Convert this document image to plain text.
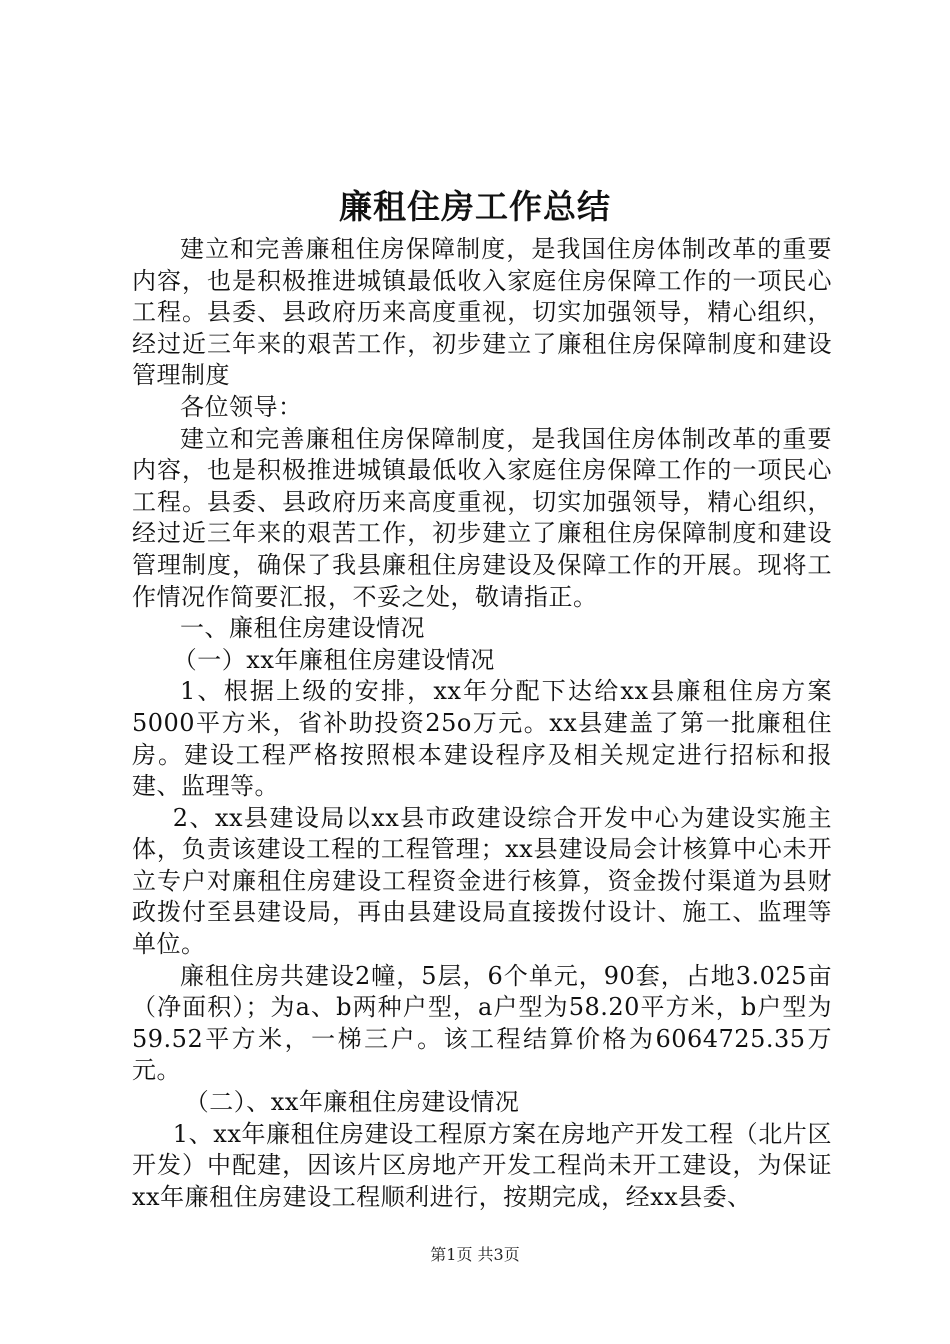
廉租住房工作总结

建立和完善廉租住房保障制度，是我国住房体制改革的重要内容，也是积极推进城镇最低收入家庭住房保障工作的一项民心工程。县委、县政府历来高度重视，切实加强领导，精心组织，经过近三年来的艰苦工作，初步建立了廉租住房保障制度和建设管理制度

各位领导：

建立和完善廉租住房保障制度，是我国住房体制改革的重要内容，也是积极推进城镇最低收入家庭住房保障工作的一项民心工程。县委、县政府历来高度重视，切实加强领导，精心组织，经过近三年来的艰苦工作，初步建立了廉租住房保障制度和建设管理制度，确保了我县廉租住房建设及保障工作的开展。现将工作情况作简要汇报，不妥之处，敬请指正。

一、廉租住房建设情况

（一）xx年廉租住房建设情况

1、根据上级的安排，xx年分配下达给xx县廉租住房方案5000平方米，省补助投资25o万元。xx县建盖了第一批廉租住房。建设工程严格按照根本建设程序及相关规定进行招标和报建、监理等。

2、xx县建设局以xx县市政建设综合开发中心为建设实施主体，负责该建设工程的工程管理；xx县建设局会计核算中心未开立专户对廉租住房建设工程资金进行核算，资金拨付渠道为县财政拨付至县建设局，再由县建设局直接拨付设计、施工、监理等单位。

廉租住房共建设2幢，5层，6个单元，90套，占地3.025亩（净面积）；为a、b两种户型，a户型为58.20平方米，b户型为59.52平方米，一梯三户。该工程结算价格为6064725.35万元。

（二）、xx年廉租住房建设情况

1、xx年廉租住房建设工程原方案在房地产开发工程（北片区开发）中配建，因该片区房地产开发工程尚未开工建设，为保证xx年廉租住房建设工程顺利进行，按期完成，经xx县委、

第1页 共3页
